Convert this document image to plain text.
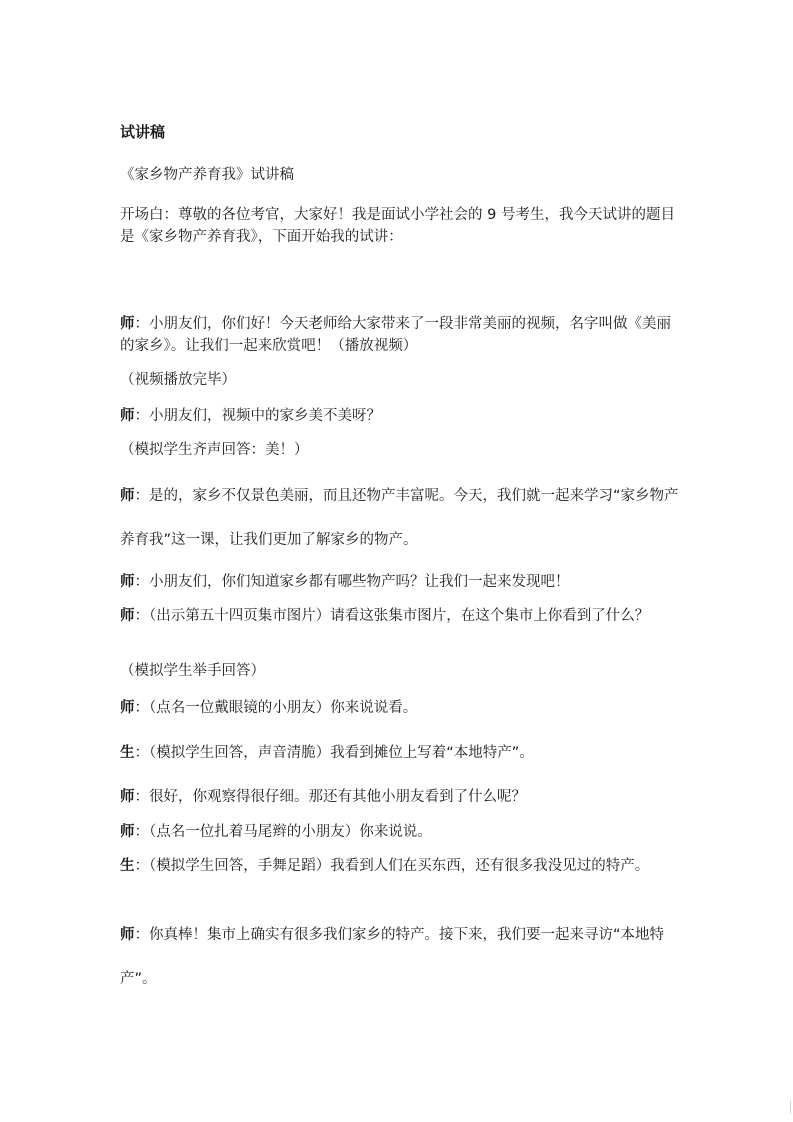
试讲稿
《家乡物产养育我》试讲稿
开场白：尊敬的各位考官，大家好！我是面试小学社会的 9 号考生，我今天试讲的题目是《家乡物产养育我》，下面开始我的试讲：
师：小朋友们，你们好！今天老师给大家带来了一段非常美丽的视频，名字叫做《美丽的家乡》。让我们一起来欣赏吧！（播放视频）
（视频播放完毕）
师：小朋友们，视频中的家乡美不美呀？
（模拟学生齐声回答：美！）
师：是的，家乡不仅景色美丽，而且还物产丰富呢。今天，我们就一起来学习“家乡物产养育我”这一课，让我们更加了解家乡的物产。
师：小朋友们，你们知道家乡都有哪些物产吗？让我们一起来发现吧！
师：（出示第五十四页集市图片）请看这张集市图片，在这个集市上你看到了什么？
（模拟学生举手回答）
师：（点名一位戴眼镜的小朋友）你来说说看。
生：（模拟学生回答，声音清脆）我看到摊位上写着“本地特产”。
师：很好，你观察得很仔细。那还有其他小朋友看到了什么呢？
师：（点名一位扎着马尾辫的小朋友）你来说说。
生：（模拟学生回答，手舞足蹈）我看到人们在买东西，还有很多我没见过的特产。
师：你真棒！集市上确实有很多我们家乡的特产。接下来，我们要一起来寻访“本地特产”。
